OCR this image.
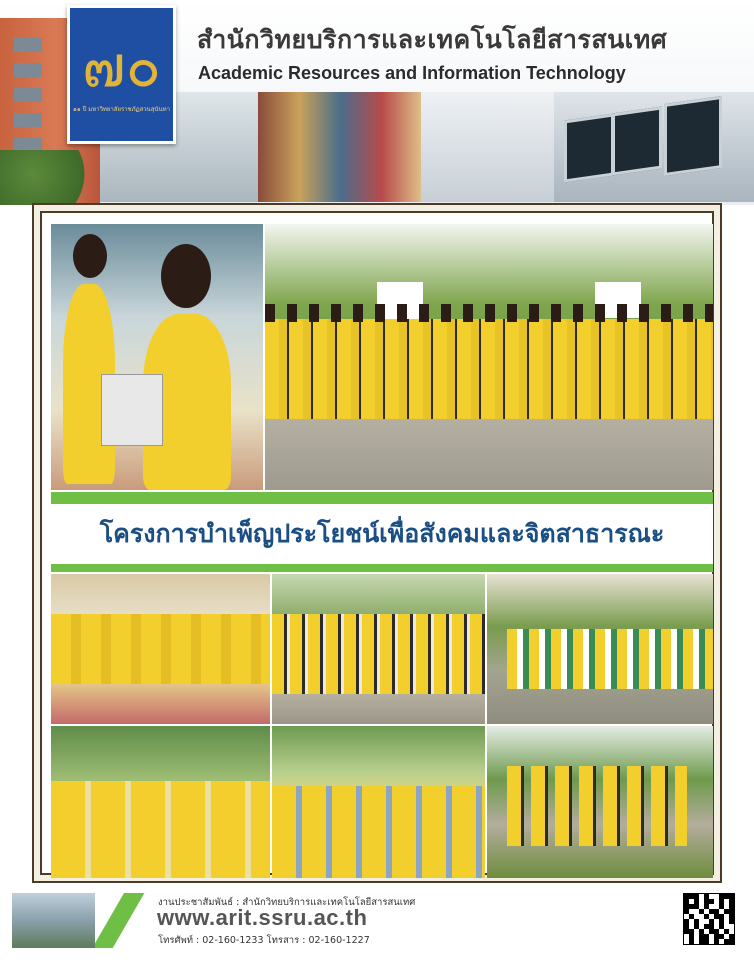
๗๐
๑๑ ปี มหาวิทยาลัยราชภัฏสวนสุนันทา
สำนักวิทยบริการและเทคโนโลยีสารสนเทศ
Academic Resources and Information Technology
โครงการบำเพ็ญประโยชน์เพื่อสังคมและจิตสาธารณะ
งานประชาสัมพันธ์ : สำนักวิทยบริการและเทคโนโลยีสารสนเทศ
www.arit.ssru.ac.th
โทรศัพท์ : 02-160-1233 โทรสาร : 02-160-1227
